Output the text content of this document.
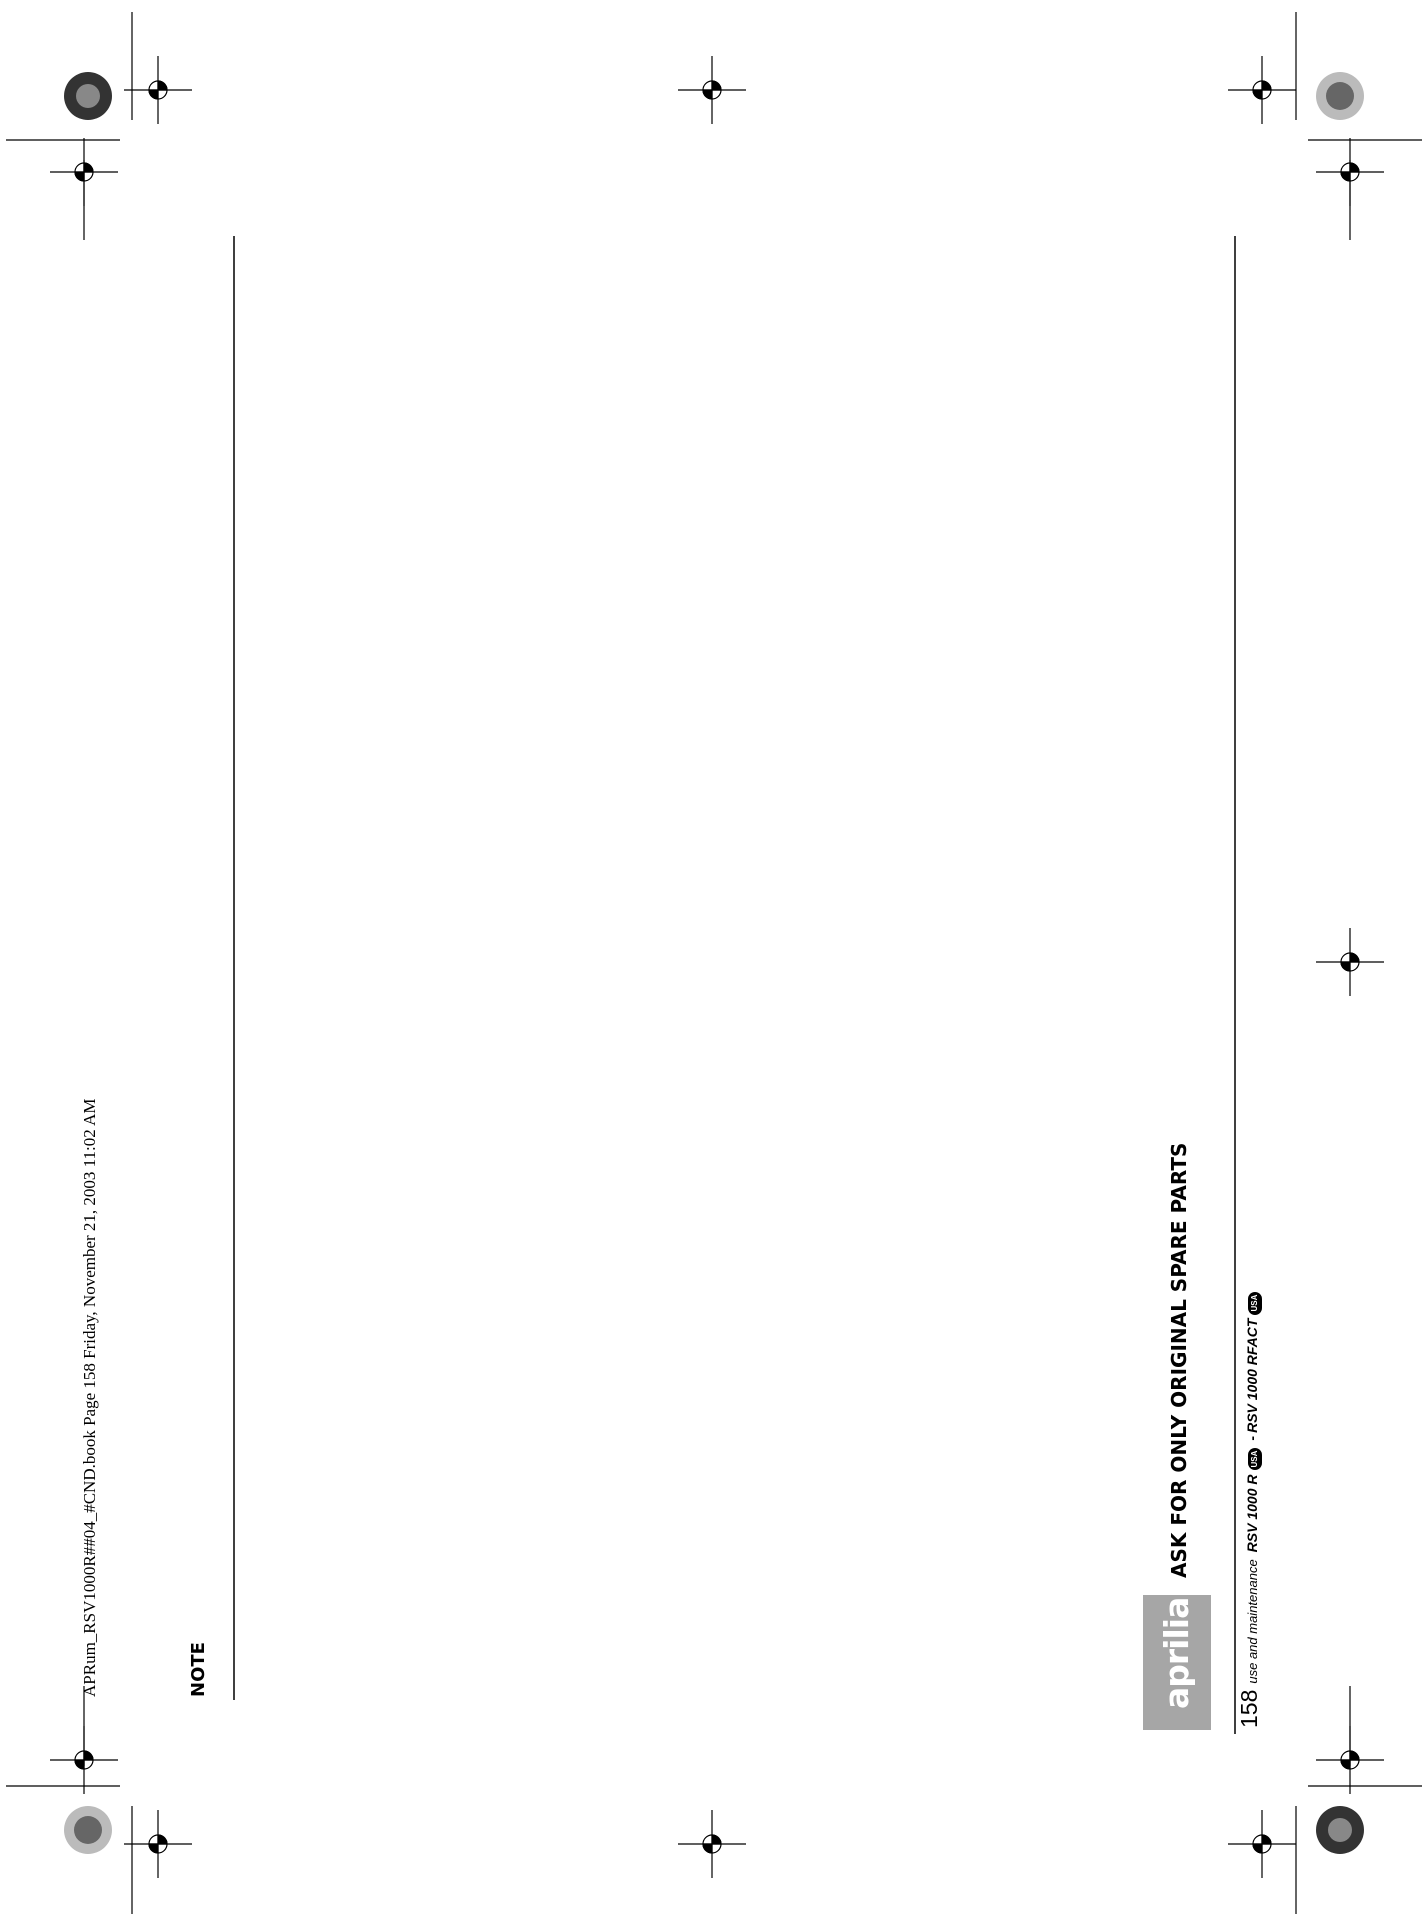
APRum_RSV1000R##04_#CND.book Page 158 Friday, November 21, 2003 11:02 AM	NOTE	aprilia
ASK FOR ONLY ORIGINAL SPARE PARTS
158
use and maintenance
RSV 1000 R
USA
-
RSV 1000 RFACT
USA
